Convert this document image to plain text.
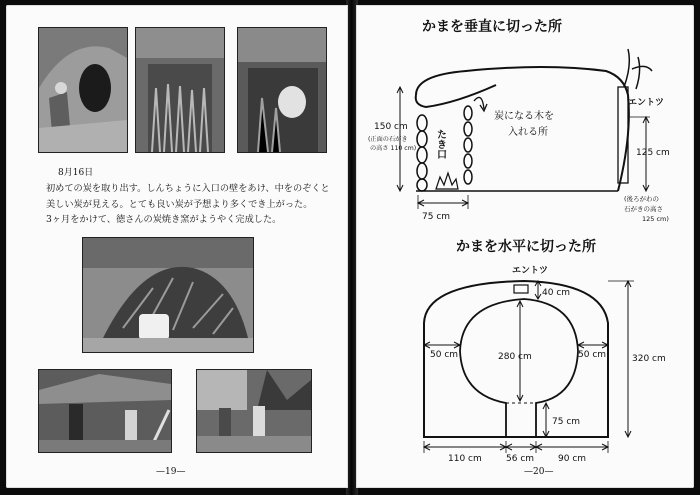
8月16日
初めての炭を取り出す。しんちょうに入口の壁をあけ、中をのぞくと
美しい炭が見える。とても良い炭が予想より多くでき上がった。
3ヶ月をかけて、徳さんの炭焼き窯がようやく完成した。
—19—
かまを垂直に切った所
150 cm
(正面の石がき
の高さ 110 cm) たき口
炭になる木を
入れる所
エントツ
125 cm
(後ろがわの
石がきの高さ
125 cm)
75 cm
かまを水平に切った所
エントツ
40 cm
50 cm	280 cm	50 cm	320 cm
75 cm
110 cm	56 cm	90 cm
—20—
